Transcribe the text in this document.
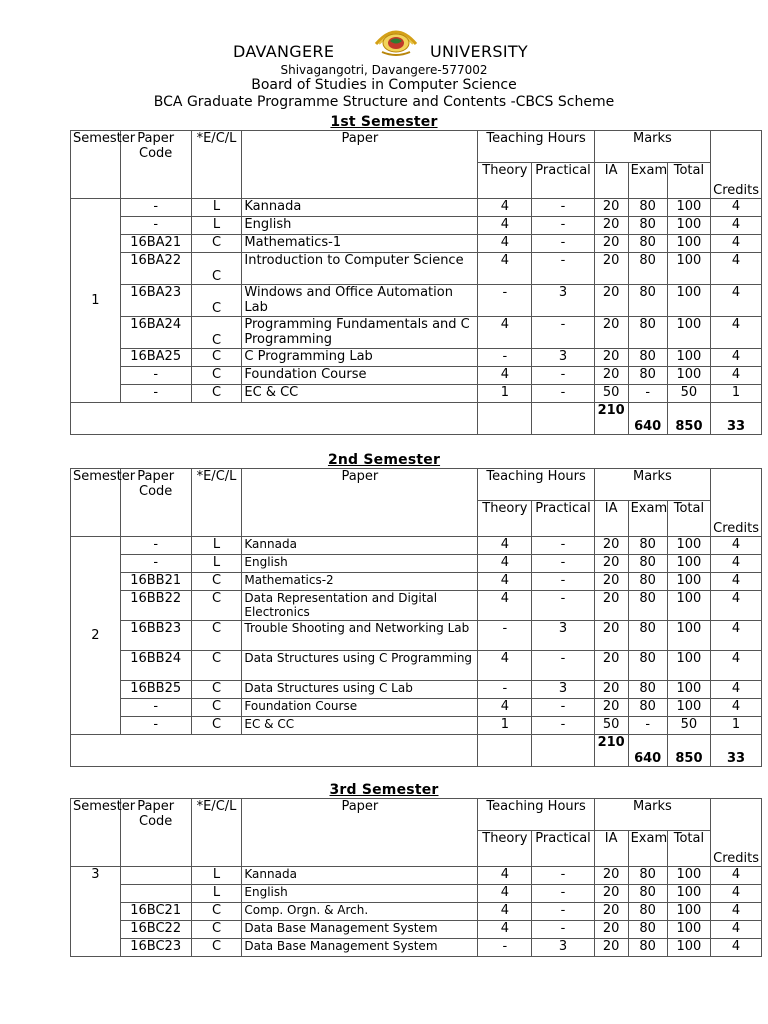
DAVANGERE	UNIVERSITY
Shivagangotri, Davangere-577002
Board of Studies in Computer Science
BCA Graduate Programme Structure and Contents -CBCS Scheme
1st Semester
Semester	Paper Code	*E/C/L	Paper	Teaching Hours		Marks			Credits
				Theory	Practical	IA	Exam	Total	
1	-	L	Kannada	4	-	20	80	100	4
	-	L	English	4	-	20	80	100	4
	16BA21	C	Mathematics-1	4	-	20	80	100	4
	16BA22	C	Introduction to Computer Science	4	-	20	80	100	4
	16BA23	C	Windows and Office Automation Lab	-	3	20	80	100	4
	16BA24	C	Programming Fundamentals and C Programming	4	-	20	80	100	4
	16BA25	C	C Programming Lab	-	3	20	80	100	4
	-	C	Foundation Course	4	-	20	80	100	4
	-	C	EC & CC	1	-	50	-	50	1
						210	640	850	33
2nd Semester
Semester	Paper Code	*E/C/L	Paper	Teaching Hours		Marks			Credits
				Theory	Practical	IA	Exam	Total	
2	-	L	Kannada	4	-	20	80	100	4
	-	L	English	4	-	20	80	100	4
	16BB21	C	Mathematics-2	4	-	20	80	100	4
	16BB22	C	Data Representation and Digital Electronics	4	-	20	80	100	4
	16BB23	C	Trouble Shooting and Networking Lab	-	3	20	80	100	4
	16BB24	C	Data Structures using C Programming	4	-	20	80	100	4
	16BB25	C	Data Structures using C Lab	-	3	20	80	100	4
	-	C	Foundation Course	4	-	20	80	100	4
	-	C	EC & CC	1	-	50	-	50	1
						210	640	850	33
3rd Semester
Semester	Paper Code	*E/C/L	Paper	Teaching Hours		Marks			Credits
				Theory	Practical	IA	Exam	Total	
3		L	Kannada	4	-	20	80	100	4
		L	English	4	-	20	80	100	4
	16BC21	C	Comp. Orgn. & Arch.	4	-	20	80	100	4
	16BC22	C	Data Base Management System	4	-	20	80	100	4
	16BC23	C	Data Base Management System	-	3	20	80	100	4
